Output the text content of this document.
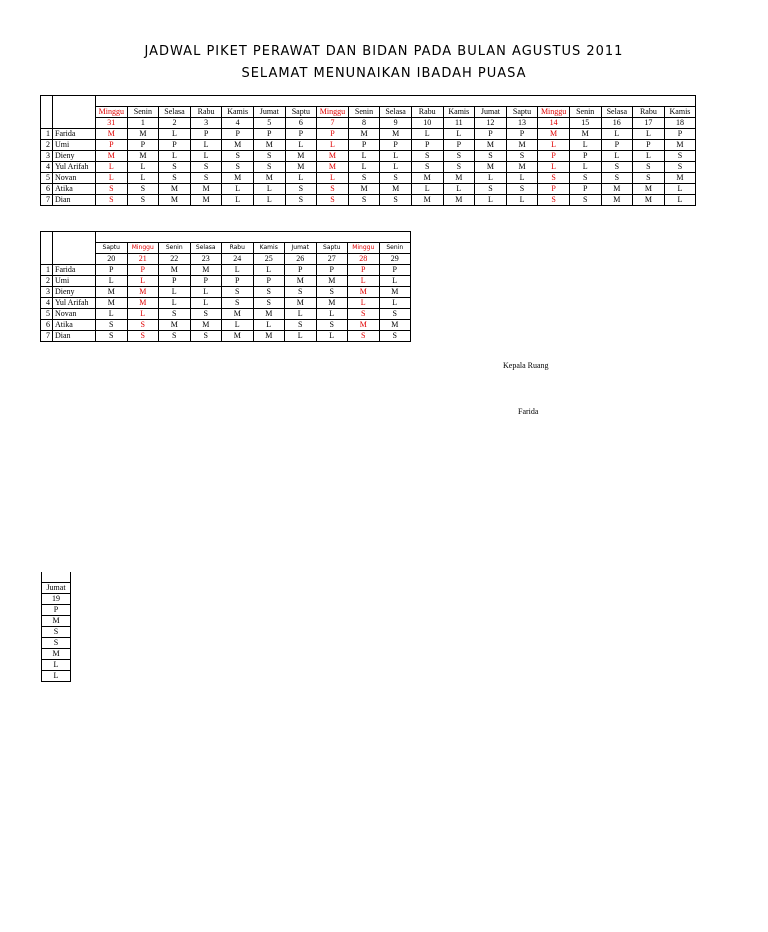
JADWAL PIKET PERAWAT DAN BIDAN PADA BULAN AGUSTUS 2011
SELAMAT MENUNAIKAN IBADAH PUASA

		Minggu	Senin	Selasa	Rabu	Kamis	Jumat	Saptu	Minggu	Senin	Selasa	Rabu	Kamis	Jumat	Saptu	Minggu	Senin	Selasa	Rabu	Kamis
		31	1	2	3	4	5	6	7	8	9	10	11	12	13	14	15	16	17	18
1	Farida	M	M	L	P	P	P	P	P	M	M	L	L	P	P	M	M	L	L	P
2	Umi	P	P	P	L	M	M	L	L	P	P	P	P	M	M	L	L	P	P	M
3	Dieny	M	M	L	L	S	S	M	M	L	L	S	S	S	S	P	P	L	L	S
4	Yul Arifah	L	L	S	S	S	S	M	M	L	L	S	S	M	M	L	L	S	S	S
5	Novan	L	L	S	S	M	M	L	L	S	S	M	M	L	L	S	S	S	S	M
6	Atika	S	S	M	M	L	L	S	S	M	M	L	L	S	S	P	P	M	M	L
7	Dian	S	S	M	M	L	L	S	S	S	S	M	M	L	L	S	S	M	M	L

		Saptu	Minggu	Senin	Selasa	Rabu	Kamis	Jumat	Saptu	Minggu	Senin
		20	21	22	23	24	25	26	27	28	29
1	Farida	P	P	M	M	L	L	P	P	P	P
2	Umi	L	L	P	P	P	P	M	M	L	L
3	Dieny	M	M	L	L	S	S	S	S	M	M
4	Yul Arifah	M	M	L	L	S	S	M	M	L	L
5	Novan	L	L	S	S	M	M	L	L	S	S
6	Atika	S	S	M	M	L	L	S	S	M	M
7	Dian	S	S	S	S	M	M	L	L	S	S

Jumat
19
P
M
S
S
M
L
L
Kepala Ruang
Farida
